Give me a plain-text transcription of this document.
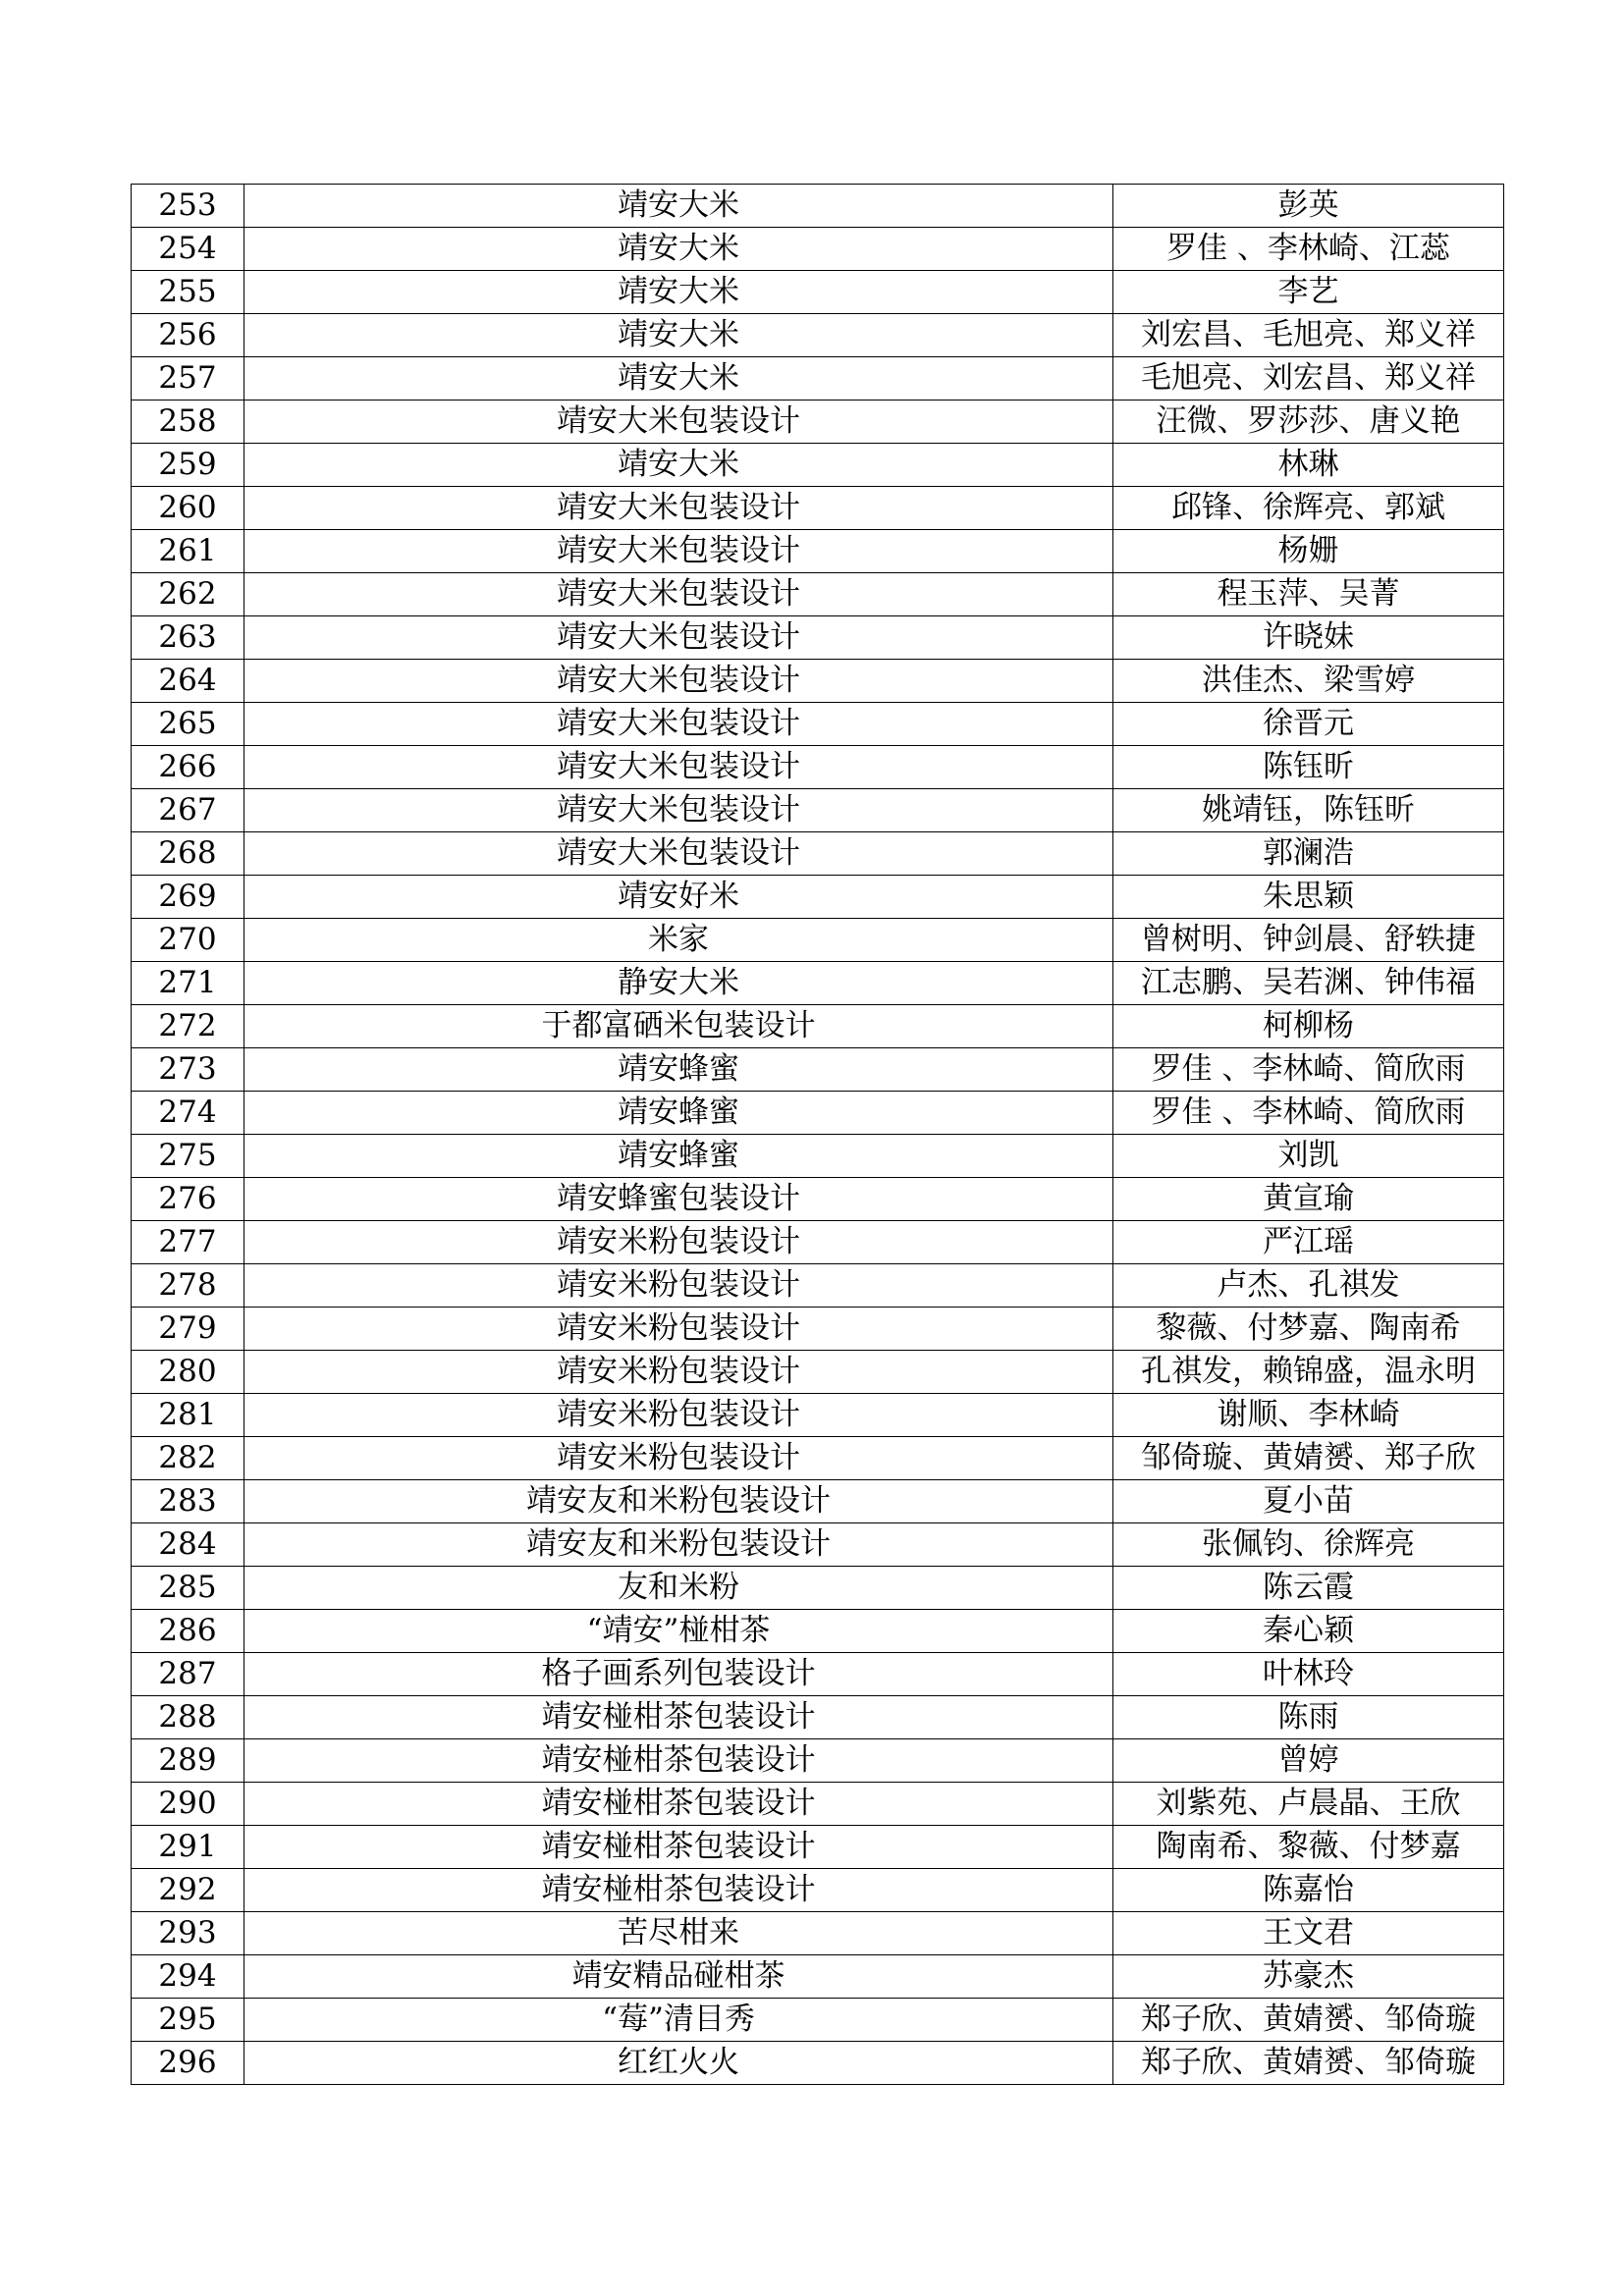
253	靖安大米	彭英
254	靖安大米	罗佳 、李林崎、江蕊
255	靖安大米	李艺
256	靖安大米	刘宏昌、毛旭亮、郑义祥
257	靖安大米	毛旭亮、刘宏昌、郑义祥
258	靖安大米包装设计	汪微、罗莎莎、唐义艳
259	靖安大米	林琳
260	靖安大米包装设计	邱锋、徐辉亮、郭斌
261	靖安大米包装设计	杨姗
262	靖安大米包装设计	程玉萍、吴菁
263	靖安大米包装设计	许晓妹
264	靖安大米包装设计	洪佳杰、梁雪婷
265	靖安大米包装设计	徐晋元
266	靖安大米包装设计	陈钰昕
267	靖安大米包装设计	姚靖钰，陈钰昕
268	靖安大米包装设计	郭澜浩
269	靖安好米	朱思颖
270	米家	曾树明、钟剑晨、舒轶捷
271	静安大米	江志鹏、吴若渊、钟伟福
272	于都富硒米包装设计	柯柳杨
273	靖安蜂蜜	罗佳 、李林崎、简欣雨
274	靖安蜂蜜	罗佳 、李林崎、简欣雨
275	靖安蜂蜜	刘凯
276	靖安蜂蜜包装设计	黄宣瑜
277	靖安米粉包装设计	严江瑶
278	靖安米粉包装设计	卢杰、孔祺发
279	靖安米粉包装设计	黎薇、付梦嘉、陶南希
280	靖安米粉包装设计	孔祺发，赖锦盛，温永明
281	靖安米粉包装设计	谢顺、李林崎
282	靖安米粉包装设计	邹倚璇、黄婧赟、郑子欣
283	靖安友和米粉包装设计	夏小苗
284	靖安友和米粉包装设计	张佩钧、徐辉亮
285	友和米粉	陈云霞
286	“靖安”椪柑茶	秦心颖
287	格子画系列包装设计	叶林玲
288	靖安椪柑茶包装设计	陈雨
289	靖安椪柑茶包装设计	曾婷
290	靖安椪柑茶包装设计	刘紫苑、卢晨晶、王欣
291	靖安椪柑茶包装设计	陶南希、黎薇、付梦嘉
292	靖安椪柑茶包装设计	陈嘉怡
293	苦尽柑来	王文君
294	靖安精品碰柑茶	苏豪杰
295	“莓”清目秀	郑子欣、黄婧赟、邹倚璇
296	红红火火	郑子欣、黄婧赟、邹倚璇
